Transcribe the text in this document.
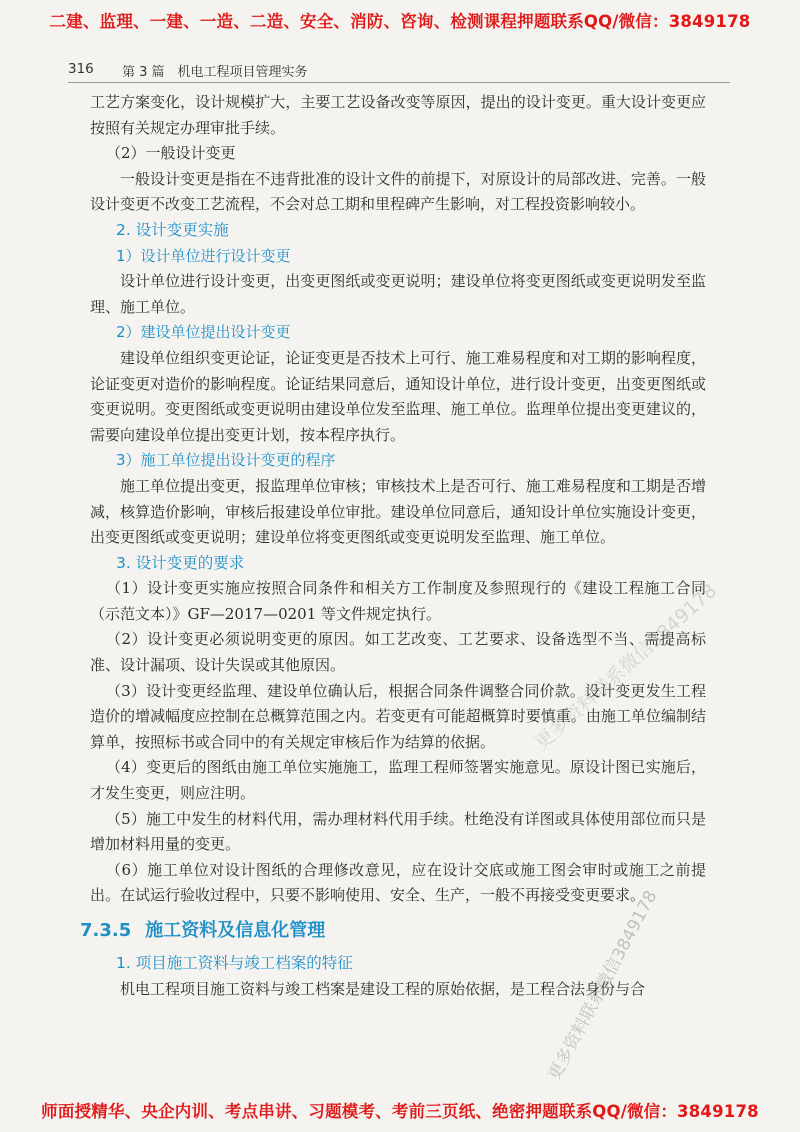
二建、监理、一建、一造、二造、安全、消防、咨询、检测课程押题联系QQ/微信：3849178
316 第 3 篇　机电工程项目管理实务

工艺方案变化，设计规模扩大，主要工艺设备改变等原因，提出的设计变更。重大设计变更应按照有关规定办理审批手续。

（2）一般设计变更

一般设计变更是指在不违背批准的设计文件的前提下，对原设计的局部改进、完善。一般设计变更不改变工艺流程，不会对总工期和里程碑产生影响，对工程投资影响较小。

2. 设计变更实施
1）设计单位进行设计变更

设计单位进行设计变更，出变更图纸或变更说明；建设单位将变更图纸或变更说明发至监理、施工单位。

2）建设单位提出设计变更

建设单位组织变更论证，论证变更是否技术上可行、施工难易程度和对工期的影响程度，论证变更对造价的影响程度。论证结果同意后，通知设计单位，进行设计变更，出变更图纸或变更说明。变更图纸或变更说明由建设单位发至监理、施工单位。监理单位提出变更建议的，需要向建设单位提出变更计划，按本程序执行。

3）施工单位提出设计变更的程序

施工单位提出变更，报监理单位审核；审核技术上是否可行、施工难易程度和工期是否增减，核算造价影响，审核后报建设单位审批。建设单位同意后，通知设计单位实施设计变更，出变更图纸或变更说明；建设单位将变更图纸或变更说明发至监理、施工单位。

3. 设计变更的要求

（1）设计变更实施应按照合同条件和相关方工作制度及参照现行的《建设工程施工合同（示范文本）》GF—2017—0201 等文件规定执行。

（2）设计变更必须说明变更的原因。如工艺改变、工艺要求、设备选型不当、需提高标准、设计漏项、设计失误或其他原因。

（3）设计变更经监理、建设单位确认后，根据合同条件调整合同价款。设计变更发生工程造价的增减幅度应控制在总概算范围之内。若变更有可能超概算时要慎重。由施工单位编制结算单，按照标书或合同中的有关规定审核后作为结算的依据。

（4）变更后的图纸由施工单位实施施工，监理工程师签署实施意见。原设计图已实施后，才发生变更，则应注明。

（5）施工中发生的材料代用，需办理材料代用手续。杜绝没有详图或具体使用部位而只是增加材料用量的变更。

（6）施工单位对设计图纸的合理修改意见，应在设计交底或施工图会审时或施工之前提出。在试运行验收过程中，只要不影响使用、安全、生产，一般不再接受变更要求。

7.3.5 施工资料及信息化管理
1. 项目施工资料与竣工档案的特征

机电工程项目施工资料与竣工档案是建设工程的原始依据，是工程合法身份与合

更多资料联系微信3849178
更多资料联系微信3849178
师面授精华、央企内训、考点串讲、习题模考、考前三页纸、绝密押题联系QQ/微信：3849178
